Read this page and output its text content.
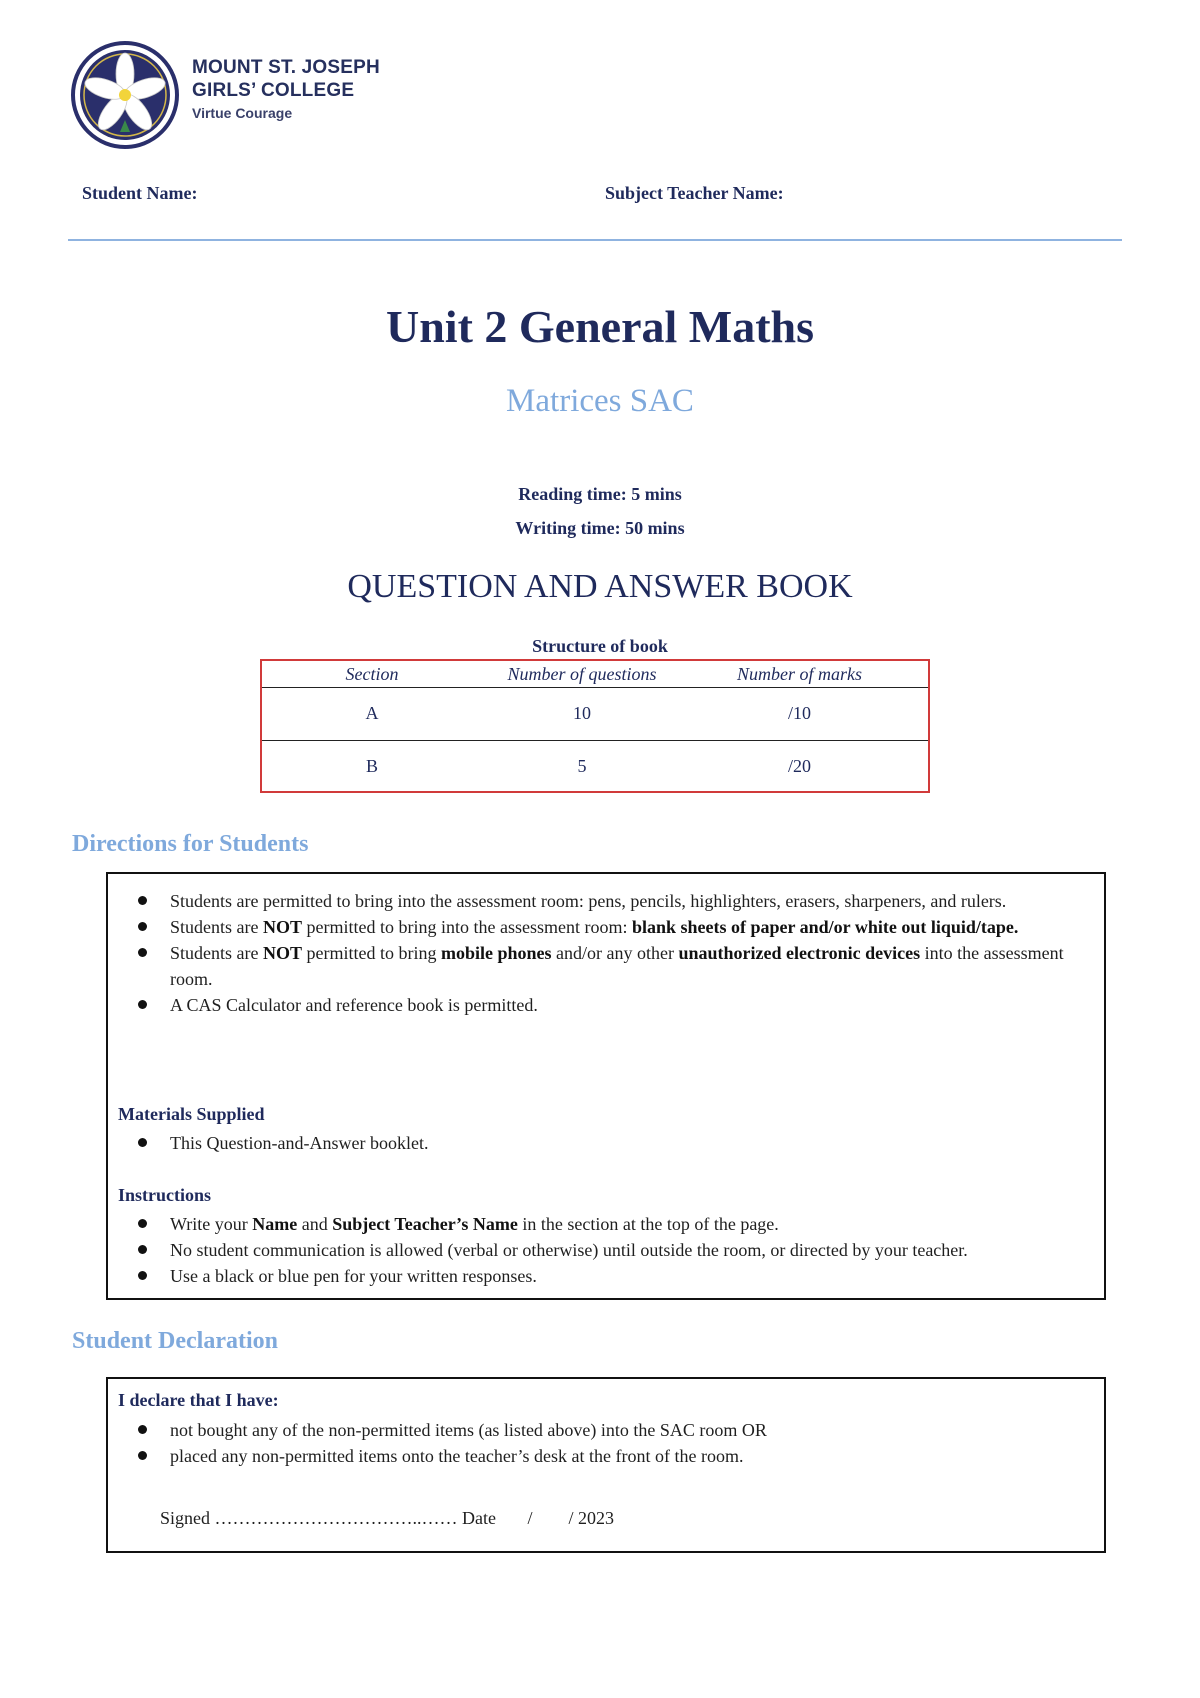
MOUNT ST. JOSEPH
GIRLS’ COLLEGE
Virtue Courage
Student Name:	Subject Teacher Name:
Unit 2 General Maths
Matrices SAC
Reading time: 5 mins
Writing time: 50 mins
QUESTION AND ANSWER BOOK
Structure of book
Section	Number of questions	Number of marks
A	10	/10
B	5	/20
Directions for Students
Students are permitted to bring into the assessment room: pens, pencils, highlighters, erasers, sharpeners, and rulers.
Students are NOT permitted to bring into the assessment room: blank sheets of paper and/or white out liquid/tape.
Students are NOT permitted to bring mobile phones and/or any other unauthorized electronic devices into the assessment room.
A CAS Calculator and reference book is permitted.
Materials Supplied
This Question-and-Answer booklet.
Instructions
Write your Name and Subject Teacher’s Name in the section at the top of the page.
No student communication is allowed (verbal or otherwise) until outside the room, or directed by your teacher.
Use a black or blue pen for your written responses.
Student Declaration
I declare that I have:
not bought any of the non-permitted items (as listed above) into the SAC room OR
placed any non-permitted items onto the teacher’s desk at the front of the room.
Signed ……………………………..…… Date       /        / 2023
